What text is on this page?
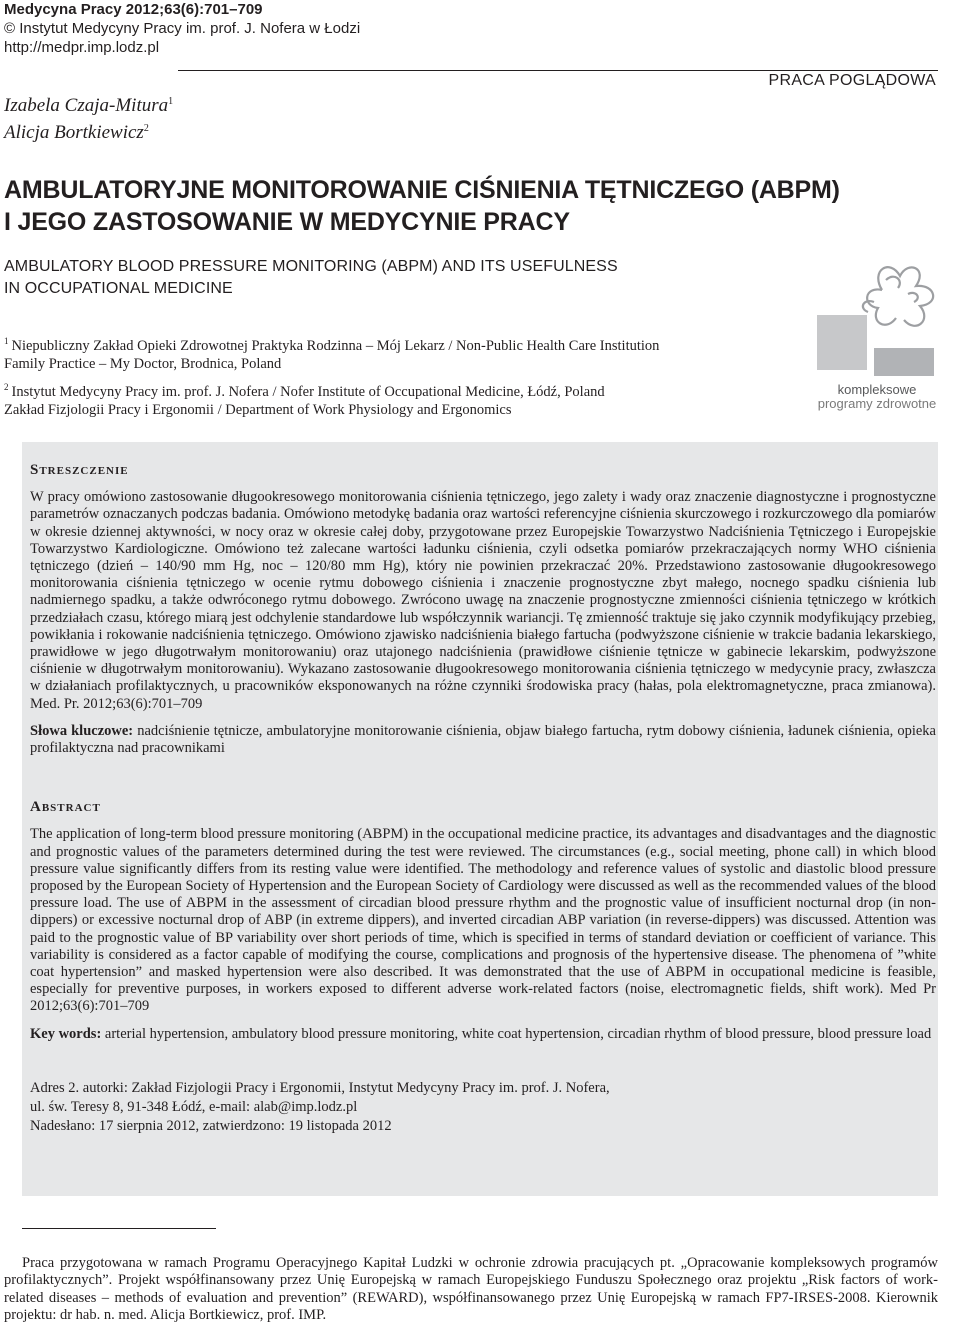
Medycyna Pracy 2012;63(6):701–709
© Instytut Medycyny Pracy im. prof. J. Nofera w Łodzi
http://medpr.imp.lodz.pl
PRACA POGLĄDOWA
Izabela Czaja-Mitura$^1$
Alicja Bortkiewicz$^2$
AMBULATORYJNE MONITOROWANIE CIŚNIENIA TĘTNICZEGO (ABPM)
I JEGO ZASTOSOWANIE W MEDYCYNIE PRACY
AMBULATORY BLOOD PRESSURE MONITORING (ABPM) AND ITS USEFULNESS
IN OCCUPATIONAL MEDICINE

$^1$ Niepubliczny Zakład Opieki Zdrowotnej Praktyka Rodzinna – Mój Lekarz / Non-Public Health Care Institution
Family Practice – My Doctor, Brodnica, Poland

$^2$ Instytut Medycyny Pracy im. prof. J. Nofera / Nofer Institute of Occupational Medicine, Łódź, Poland
Zakład Fizjologii Pracy i Ergonomii / Department of Work Physiology and Ergonomics

kompleksowe
programy zdrowotne
Streszczenie

W pracy omówiono zastosowanie długookresowego monitorowania ciśnienia tętniczego, jego zalety i wady oraz znaczenie diagnostyczne i prognostyczne parametrów oznaczanych podczas badania. Omówiono metodykę badania oraz wartości referencyjne ciśnienia skurczowego i rozkurczowego dla pomiarów w okresie dziennej aktywności, w nocy oraz w okresie całej doby, przygotowane przez Europejskie Towarzystwo Nadciśnienia Tętniczego i Europejskie Towarzystwo Kardiologiczne. Omówiono też zalecane wartości ładunku ciśnienia, czyli odsetka pomiarów przekraczających normy WHO ciśnienia tętniczego (dzień – 140/90 mm Hg, noc – 120/80 mm Hg), który nie powinien przekraczać 20%. Przedstawiono zastosowanie długookresowego monitorowania ciśnienia tętniczego w ocenie rytmu dobowego ciśnienia i znaczenie prognostyczne zbyt małego, nocnego spadku ciśnienia lub nadmiernego spadku, a także odwróconego rytmu dobowego. Zwrócono uwagę na znaczenie prognostyczne zmienności ciśnienia tętniczego w krótkich przedziałach czasu, którego miarą jest odchylenie standardowe lub współczynnik wariancji. Tę zmienność traktuje się jako czynnik modyfikujący przebieg, powikłania i rokowanie nadciśnienia tętniczego. Omówiono zjawisko nadciśnienia białego fartucha (podwyższone ciśnienie w trakcie badania lekarskiego, prawidłowe w jego długotrwałym monitorowaniu) oraz utajonego nadciśnienia (prawidłowe ciśnienie tętnicze w gabinecie lekarskim, podwyższone ciśnienie w długotrwałym monitorowaniu). Wykazano zastosowanie długookresowego monitorowania ciśnienia tętniczego w medycynie pracy, zwłaszcza w działaniach profilaktycznych, u pracowników eksponowanych na różne czynniki środowiska pracy (hałas, pola elektromagnetyczne, praca zmianowa). Med. Pr. 2012;63(6):701–709

Słowa kluczowe: nadciśnienie tętnicze, ambulatoryjne monitorowanie ciśnienia, objaw białego fartucha, rytm dobowy ciśnienia, ładunek ciśnienia, opieka profilaktyczna nad pracownikami

Abstract

The application of long-term blood pressure monitoring (ABPM) in the occupational medicine practice, its advantages and disadvantages and the diagnostic and prognostic values of the parameters determined during the test were reviewed. The circumstances (e.g., social meeting, phone call) in which blood pressure value significantly differs from its resting value were identified. The methodology and reference values of systolic and diastolic blood pressure proposed by the European Society of Hypertension and the European Society of Cardiology were discussed as well as the recommended values of the blood pressure load. The use of ABPM in the assessment of circadian blood pressure rhythm and the prognostic value of insufficient nocturnal drop (in non-dippers) or excessive nocturnal drop of ABP (in extreme dippers), and inverted circadian ABP variation (in reverse-dippers) was discussed. Attention was paid to the prognostic value of BP variability over short periods of time, which is specified in terms of standard deviation or coefficient of variance. This variability is considered as a factor capable of modifying the course, complications and prognosis of the hypertensive disease. The phenomena of ”white coat hypertension” and masked hypertension were also described. It was demonstrated that the use of ABPM in occupational medicine is feasible, especially for preventive purposes, in workers exposed to different adverse work-related factors (noise, electromagnetic fields, shift work). Med Pr 2012;63(6):701–709

Key words: arterial hypertension, ambulatory blood pressure monitoring, white coat hypertension, circadian rhythm of blood pressure, blood pressure load

Adres 2. autorki: Zakład Fizjologii Pracy i Ergonomii, Instytut Medycyny Pracy im. prof. J. Nofera,
ul. św. Teresy 8, 91-348 Łódź, e-mail: alab@imp.lodz.pl
Nadesłano: 17 sierpnia 2012, zatwierdzono: 19 listopada 2012

Praca przygotowana w ramach Programu Operacyjnego Kapitał Ludzki w ochronie zdrowia pracujących pt. „Opracowanie kompleksowych programów profilaktycznych”. Projekt współfinansowany przez Unię Europejską w ramach Europejskiego Funduszu Społecznego oraz projektu „Risk factors of work-related diseases – methods of evaluation and prevention” (REWARD), współfinansowanego przez Unię Europejską w ramach FP7-IRSES-2008. Kierownik projektu: dr hab. n. med. Alicja Bortkiewicz, prof. IMP.
